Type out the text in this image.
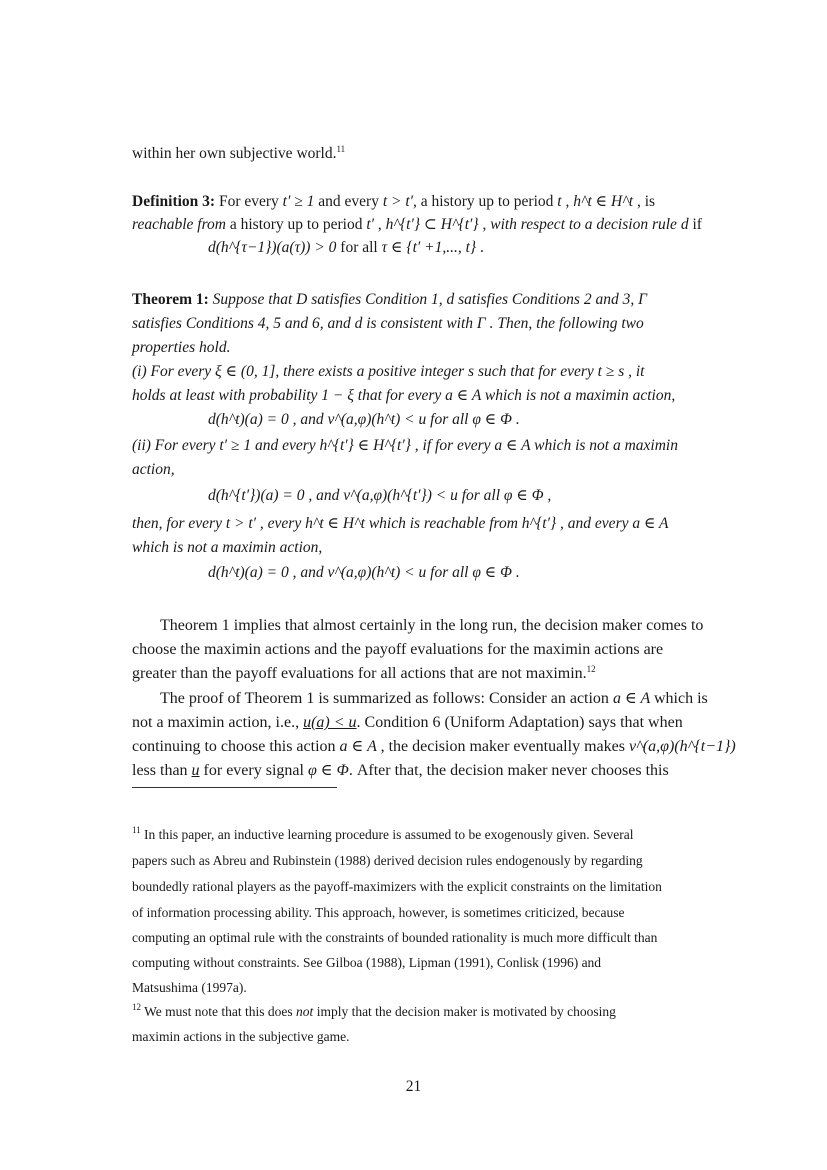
within her own subjective world.$^{11}$
Definition 3: For every t′ ≥ 1 and every t > t′, a history up to period t , h^t ∈ H^t , is
reachable from a history up to period t′ , h^{t′} ⊂ H^{t′} , with respect to a decision rule d if
d(h^{τ−1})(a(τ)) > 0 for all τ ∈ {t′ +1,..., t} .
Theorem 1: Suppose that D satisfies Condition 1, d satisfies Conditions 2 and 3, Γ
satisfies Conditions 4, 5 and 6, and d is consistent with Γ . Then, the following two
properties hold.
(i) For every ξ ∈ (0, 1], there exists a positive integer s such that for every t ≥ s , it
holds at least with probability 1 − ξ that for every a ∈ A which is not a maximin action,
d(h^t)(a) = 0 , and v^(a,φ)(h^t) < u for all φ ∈ Φ .
(ii) For every t′ ≥ 1 and every h^{t′} ∈ H^{t′} , if for every a ∈ A which is not a maximin
action,
d(h^{t′})(a) = 0 , and v^(a,φ)(h^{t′}) < u for all φ ∈ Φ ,
then, for every t > t′ , every h^t ∈ H^t which is reachable from h^{t′} , and every a ∈ A
which is not a maximin action,
d(h^t)(a) = 0 , and v^(a,φ)(h^t) < u for all φ ∈ Φ .
Theorem 1 implies that almost certainly in the long run, the decision maker comes to
choose the maximin actions and the payoff evaluations for the maximin actions are
greater than the payoff evaluations for all actions that are not maximin.$^{12}$
The proof of Theorem 1 is summarized as follows: Consider an action a ∈ A which is
not a maximin action, i.e., u(a) < u. Condition 6 (Uniform Adaptation) says that when
continuing to choose this action a ∈ A , the decision maker eventually makes v^(a,φ)(h^{t−1})
less than u for every signal φ ∈ Φ. After that, the decision maker never chooses this
$^{11}$ In this paper, an inductive learning procedure is assumed to be exogenously given. Several
papers such as Abreu and Rubinstein (1988) derived decision rules endogenously by regarding
boundedly rational players as the payoff-maximizers with the explicit constraints on the limitation
of information processing ability. This approach, however, is sometimes criticized, because
computing an optimal rule with the constraints of bounded rationality is much more difficult than
computing without constraints. See Gilboa (1988), Lipman (1991), Conlisk (1996) and
Matsushima (1997a).
$^{12}$ We must note that this does not imply that the decision maker is motivated by choosing
maximin actions in the subjective game.
21
